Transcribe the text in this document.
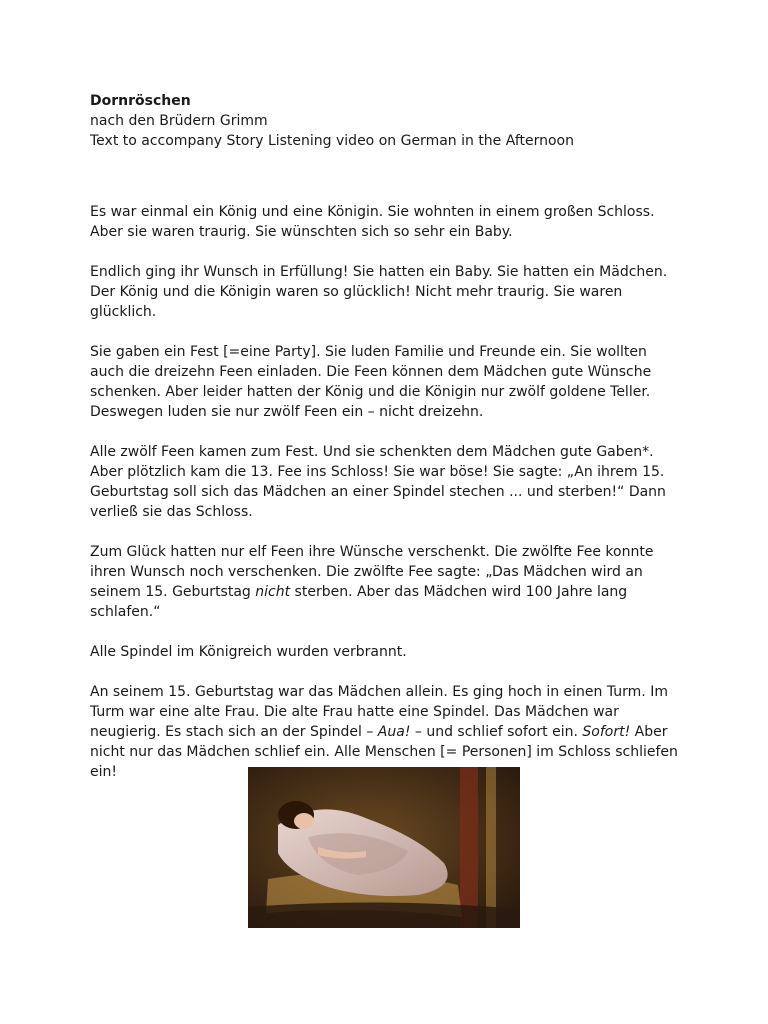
Dornröschen
nach den Brüdern Grimm
Text to accompany Story Listening video on German in the Afternoon

Es war einmal ein König und eine Königin. Sie wohnten in einem großen Schloss. Aber sie waren traurig. Sie wünschten sich so sehr ein Baby.

Endlich ging ihr Wunsch in Erfüllung! Sie hatten ein Baby. Sie hatten ein Mädchen. Der König und die Königin waren so glücklich! Nicht mehr traurig. Sie waren glücklich.

Sie gaben ein Fest [=eine Party]. Sie luden Familie und Freunde ein. Sie wollten auch die dreizehn Feen einladen. Die Feen können dem Mädchen gute Wünsche schenken. Aber leider hatten der König und die Königin nur zwölf goldene Teller. Deswegen luden sie nur zwölf Feen ein – nicht dreizehn.

Alle zwölf Feen kamen zum Fest. Und sie schenkten dem Mädchen gute Gaben*. Aber plötzlich kam die 13. Fee ins Schloss! Sie war böse! Sie sagte: „An ihrem 15. Geburtstag soll sich das Mädchen an einer Spindel stechen ... und sterben!“ Dann verließ sie das Schloss.

Zum Glück hatten nur elf Feen ihre Wünsche verschenkt. Die zwölfte Fee konnte ihren Wunsch noch verschenken. Die zwölfte Fee sagte: „Das Mädchen wird an seinem 15. Geburtstag nicht sterben. Aber das Mädchen wird 100 Jahre lang schlafen.“

Alle Spindel im Königreich wurden verbrannt.

An seinem 15. Geburtstag war das Mädchen allein. Es ging hoch in einen Turm. Im Turm war eine alte Frau. Die alte Frau hatte eine Spindel. Das Mädchen war neugierig. Es stach sich an der Spindel – Aua! – und schlief sofort ein. Sofort! Aber nicht nur das Mädchen schlief ein. Alle Menschen [= Personen] im Schloss schliefen ein!
